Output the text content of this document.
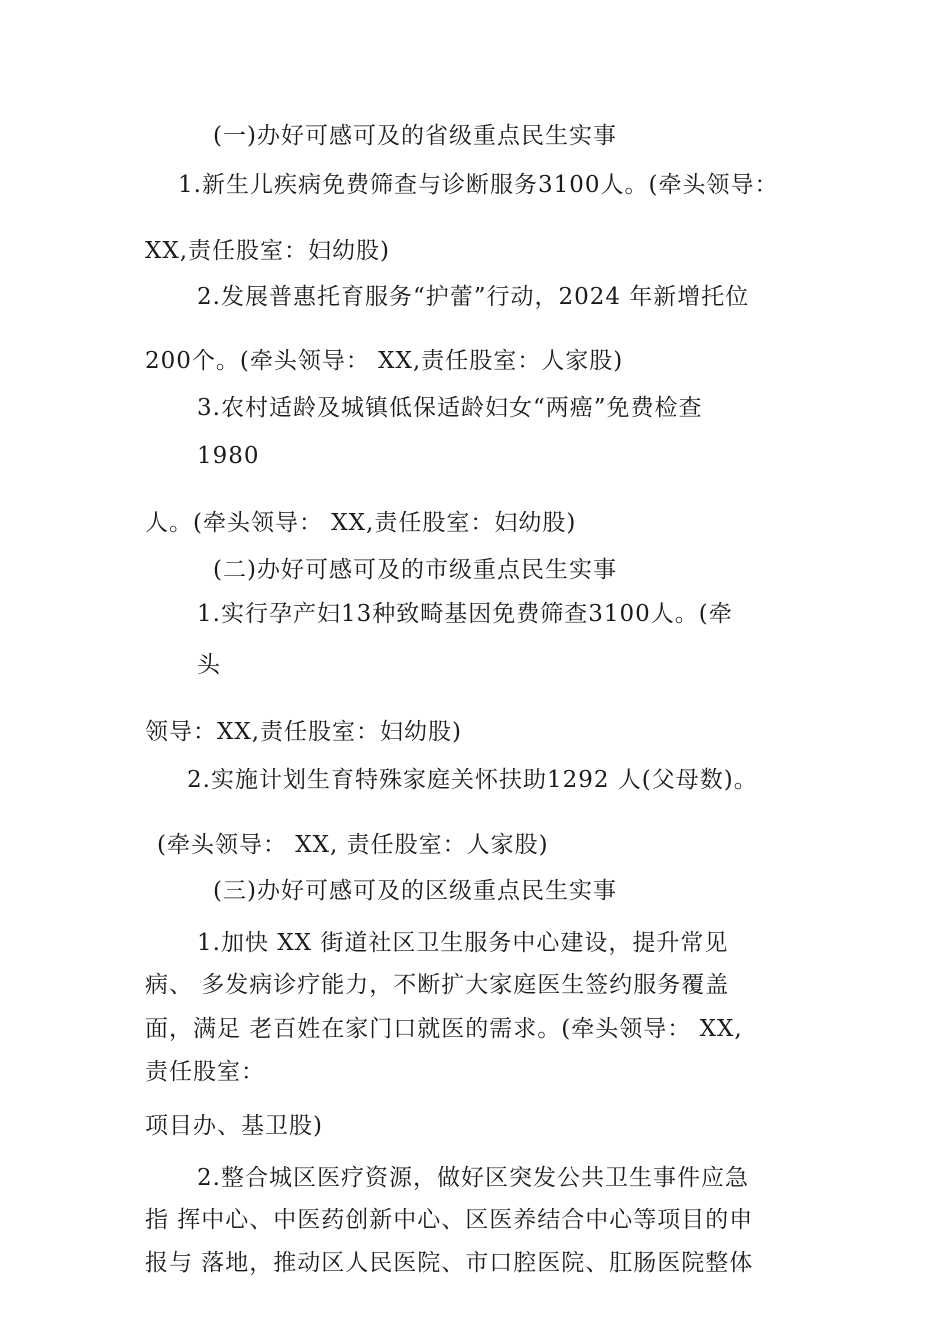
(一)办好可感可及的省级重点民生实事
1.新生儿疾病免费筛查与诊断服务3100人。(牵头领导：
XX,责任股室：妇幼股)
2.发展普惠托育服务“护蕾”行动，2024 年新增托位
200个。(牵头领导： XX,责任股室：人家股)
3.农村适龄及城镇低保适龄妇女“两癌”免费检查
1980
人。(牵头领导： XX,责任股室：妇幼股)
(二)办好可感可及的市级重点民生实事
1.实行孕产妇13种致畸基因免费筛查3100人。(牵
头
领导：XX,责任股室：妇幼股)
2.实施计划生育特殊家庭关怀扶助1292 人(父母数)。
(牵头领导： XX, 责任股室：人家股)
(三)办好可感可及的区级重点民生实事
1.加快 XX 街道社区卫生服务中心建设，提升常见
病、 多发病诊疗能力，不断扩大家庭医生签约服务覆盖
面，满足 老百姓在家门口就医的需求。(牵头领导： XX,
责任股室：
项目办、基卫股)
2.整合城区医疗资源，做好区突发公共卫生事件应急
指 挥中心、中医药创新中心、区医养结合中心等项目的申
报与 落地，推动区人民医院、市口腔医院、肛肠医院整体
